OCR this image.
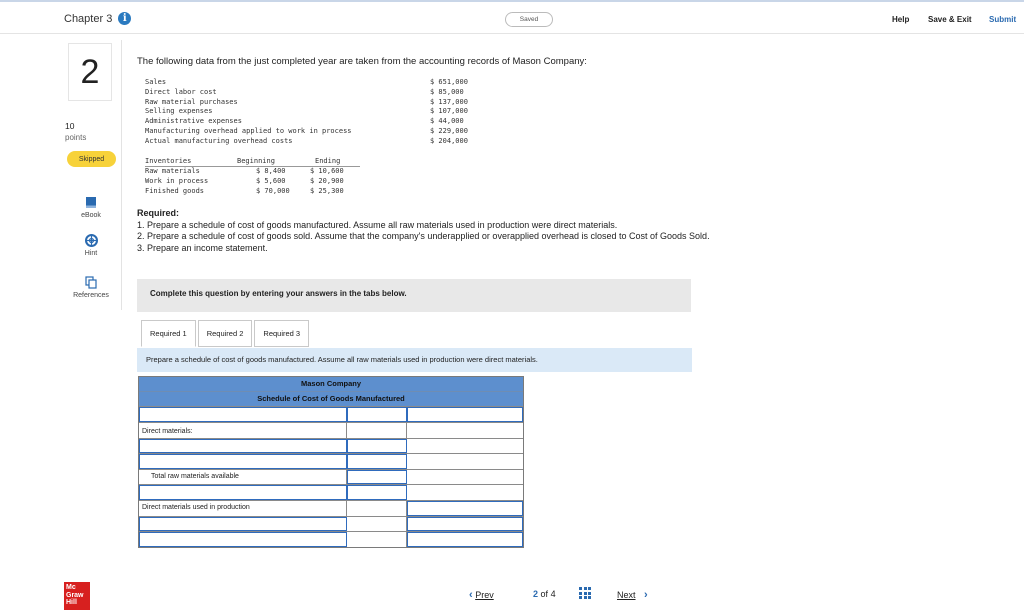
Chapter 3	i	Saved	Help Save & Exit Submit
2
10
points
Skipped
eBook
Hint
References
The following data from the just completed year are taken from the accounting records of Mason Company:
Sales	$ 651,000
Direct labor cost	$ 85,000
Raw material purchases	$ 137,000
Selling expenses	$ 107,000
Administrative expenses	$ 44,000
Manufacturing overhead applied to work in process	$ 229,000
Actual manufacturing overhead costs	$ 204,000
Inventories	Beginning	Ending
Raw materials	$ 8,400	$ 10,600
Work in process	$ 5,600	$ 20,900
Finished goods	$ 70,000	$ 25,300
Required:
1. Prepare a schedule of cost of goods manufactured. Assume all raw materials used in production were direct materials.
2. Prepare a schedule of cost of goods sold. Assume that the company's underapplied or overapplied overhead is closed to Cost of Goods Sold.
3. Prepare an income statement.
Complete this question by entering your answers in the tabs below.
Required 1	Required 2	Required 3
Prepare a schedule of cost of goods manufactured. Assume all raw materials used in production were direct materials.
Mason Company
Schedule of Cost of Goods Manufactured
Direct materials:
Total raw materials available
Direct materials used in production
Mc Graw Hill
‹ Prev	2 of 4	Next ›
